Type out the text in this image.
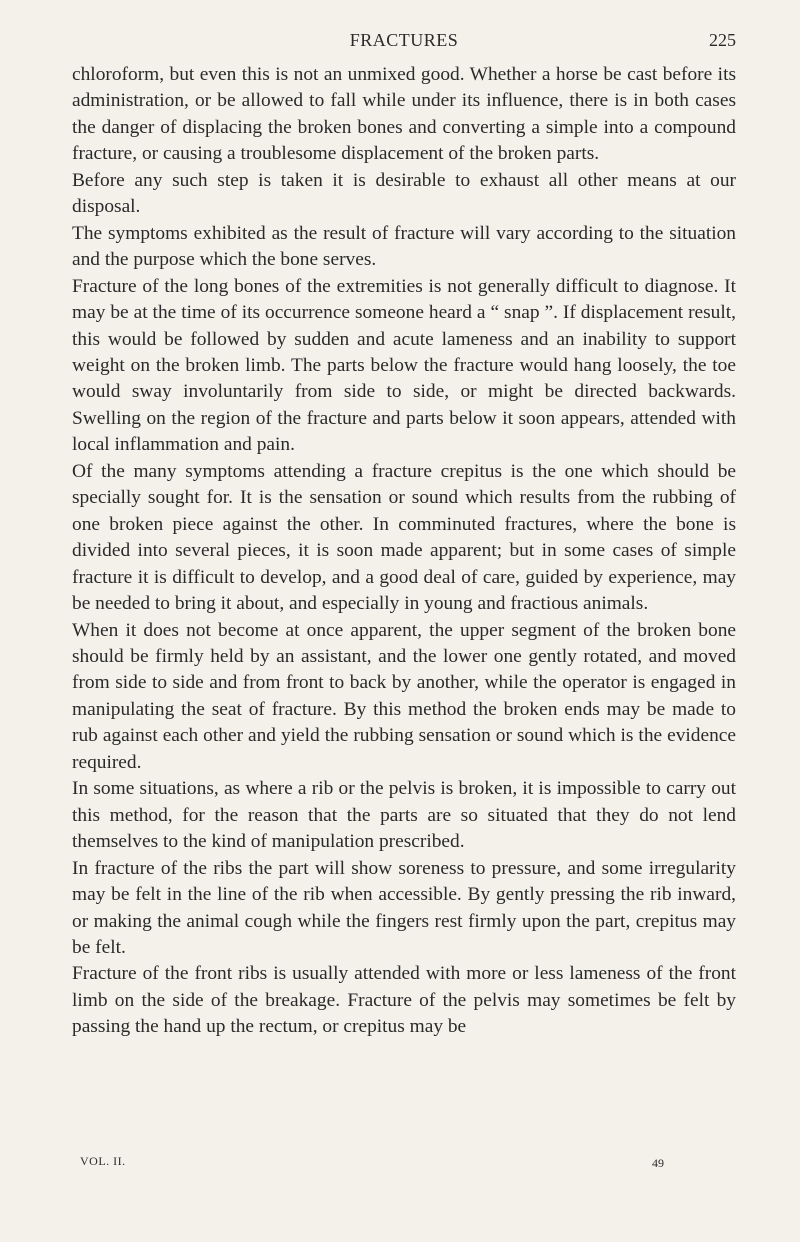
FRACTURES	225

chloroform, but even this is not an unmixed good. Whether a horse be cast before its administration, or be allowed to fall while under its influence, there is in both cases the danger of displacing the broken bones and converting a simple into a compound fracture, or causing a troublesome displacement of the broken parts.

Before any such step is taken it is desirable to exhaust all other means at our disposal.

The symptoms exhibited as the result of fracture will vary according to the situation and the purpose which the bone serves.

Fracture of the long bones of the extremities is not generally difficult to diagnose. It may be at the time of its occurrence someone heard a “ snap ”. If displacement result, this would be followed by sudden and acute lameness and an inability to support weight on the broken limb. The parts below the fracture would hang loosely, the toe would sway involuntarily from side to side, or might be directed backwards. Swelling on the region of the fracture and parts below it soon appears, attended with local inflammation and pain.

Of the many symptoms attending a fracture crepitus is the one which should be specially sought for. It is the sensation or sound which results from the rubbing of one broken piece against the other. In comminuted fractures, where the bone is divided into several pieces, it is soon made apparent; but in some cases of simple fracture it is difficult to develop, and a good deal of care, guided by experience, may be needed to bring it about, and especially in young and fractious animals.

When it does not become at once apparent, the upper segment of the broken bone should be firmly held by an assistant, and the lower one gently rotated, and moved from side to side and from front to back by another, while the operator is engaged in manipulating the seat of fracture. By this method the broken ends may be made to rub against each other and yield the rubbing sensation or sound which is the evidence required.

In some situations, as where a rib or the pelvis is broken, it is impossible to carry out this method, for the reason that the parts are so situated that they do not lend themselves to the kind of manipulation prescribed.

In fracture of the ribs the part will show soreness to pressure, and some irregularity may be felt in the line of the rib when accessible. By gently pressing the rib inward, or making the animal cough while the fingers rest firmly upon the part, crepitus may be felt.

Fracture of the front ribs is usually attended with more or less lameness of the front limb on the side of the breakage. Fracture of the pelvis may sometimes be felt by passing the hand up the rectum, or crepitus may be

VOL. II.	49
